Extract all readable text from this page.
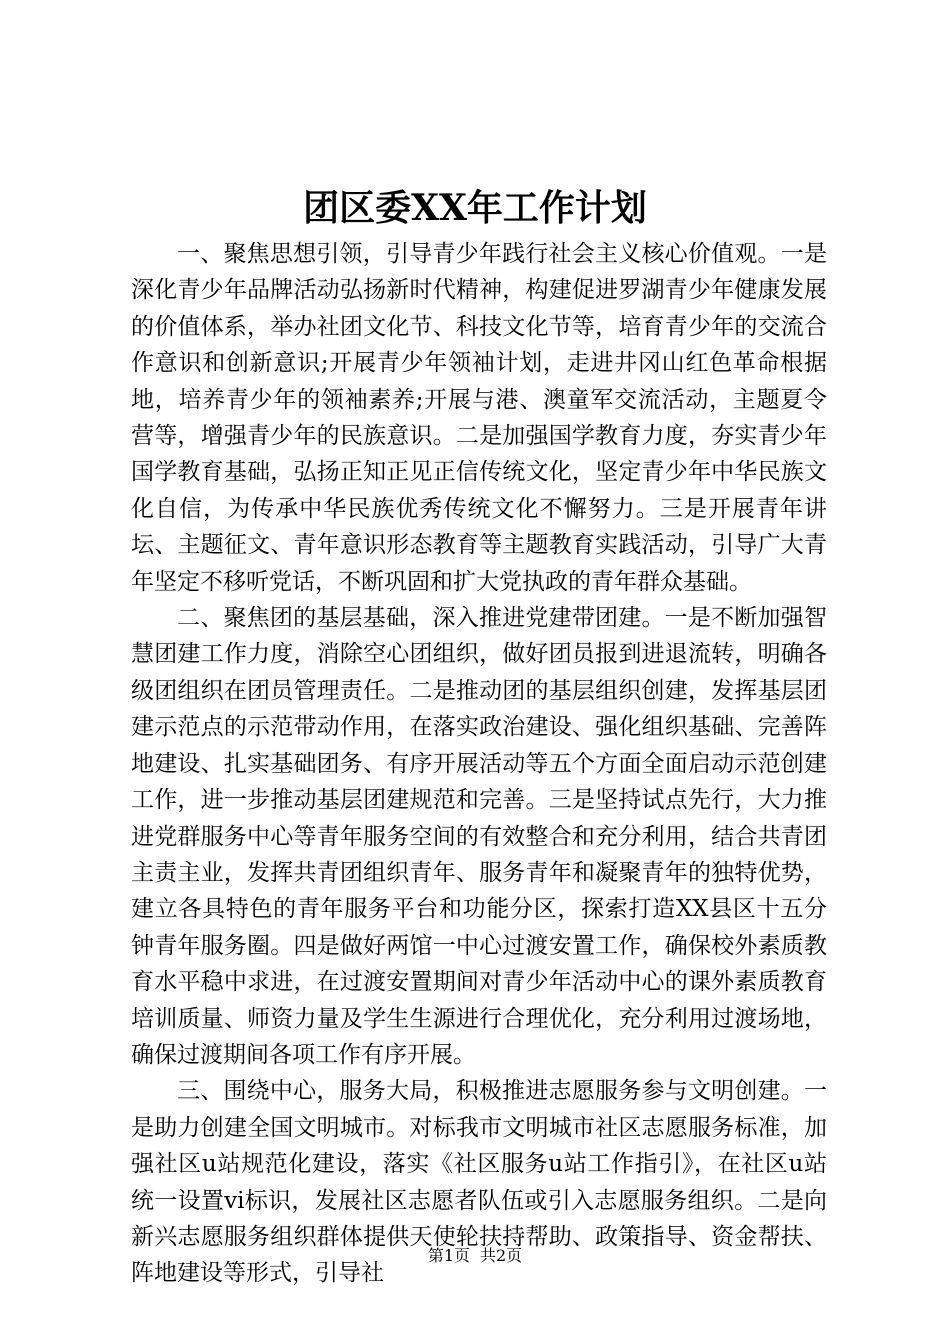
团区委XX年工作计划

一、聚焦思想引领，引导青少年践行社会主义核心价值观。一是深化青少年品牌活动弘扬新时代精神，构建促进罗湖青少年健康发展的价值体系，举办社团文化节、科技文化节等，培育青少年的交流合作意识和创新意识;开展青少年领袖计划，走进井冈山红色革命根据地，培养青少年的领袖素养;开展与港、澳童军交流活动，主题夏令营等，增强青少年的民族意识。二是加强国学教育力度，夯实青少年国学教育基础，弘扬正知正见正信传统文化，坚定青少年中华民族文化自信，为传承中华民族优秀传统文化不懈努力。三是开展青年讲坛、主题征文、青年意识形态教育等主题教育实践活动，引导广大青年坚定不移听党话，不断巩固和扩大党执政的青年群众基础。

二、聚焦团的基层基础，深入推进党建带团建。一是不断加强智慧团建工作力度，消除空心团组织，做好团员报到进退流转，明确各级团组织在团员管理责任。二是推动团的基层组织创建，发挥基层团建示范点的示范带动作用，在落实政治建设、强化组织基础、完善阵地建设、扎实基础团务、有序开展活动等五个方面全面启动示范创建工作，进一步推动基层团建规范和完善。三是坚持试点先行，大力推进党群服务中心等青年服务空间的有效整合和充分利用，结合共青团主责主业，发挥共青团组织青年、服务青年和凝聚青年的独特优势，建立各具特色的青年服务平台和功能分区，探索打造XX县区十五分钟青年服务圈。四是做好两馆一中心过渡安置工作，确保校外素质教育水平稳中求进，在过渡安置期间对青少年活动中心的课外素质教育培训质量、师资力量及学生生源进行合理优化，充分利用过渡场地，确保过渡期间各项工作有序开展。

三、围绕中心，服务大局，积极推进志愿服务参与文明创建。一是助力创建全国文明城市。对标我市文明城市社区志愿服务标准，加强社区u站规范化建设，落实《社区服务u站工作指引》，在社区u站统一设置vi标识，发展社区志愿者队伍或引入志愿服务组织。二是向新兴志愿服务组织群体提供天使轮扶持帮助、政策指导、资金帮扶、阵地建设等形式，引导社

第1页 共2页
